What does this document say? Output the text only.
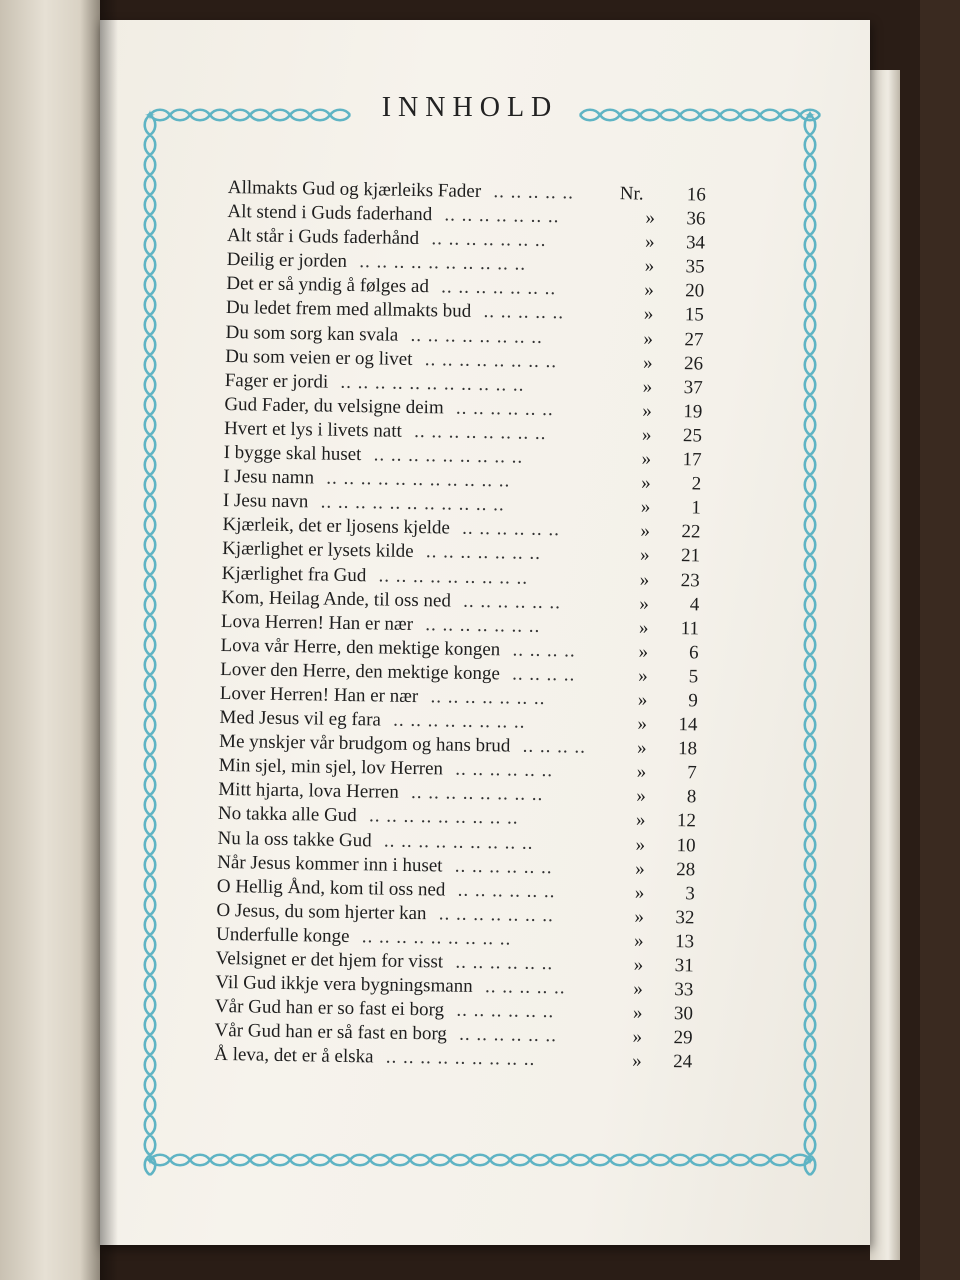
✦	✦
✦	✦
INNHOLD
Allmakts Gud og kjærleiks Fader .. .. .. .. ..	Nr.	16
Alt stend i Guds faderhand .. .. .. .. .. .. ..	»	36
Alt står i Guds faderhånd .. .. .. .. .. .. ..	»	34
Deilig er jorden .. .. .. .. .. .. .. .. .. ..	»	35
Det er så yndig å følges ad .. .. .. .. .. .. ..	»	20
Du ledet frem med allmakts bud .. .. .. .. ..	»	15
Du som sorg kan svala .. .. .. .. .. .. .. ..	»	27
Du som veien er og livet .. .. .. .. .. .. .. ..	»	26
Fager er jordi .. .. .. .. .. .. .. .. .. .. ..	»	37
Gud Fader, du velsigne deim .. .. .. .. .. ..	»	19
Hvert et lys i livets natt .. .. .. .. .. .. .. ..	»	25
I bygge skal huset .. .. .. .. .. .. .. .. ..	»	17
I Jesu namn .. .. .. .. .. .. .. .. .. .. ..	»	2
I Jesu navn .. .. .. .. .. .. .. .. .. .. ..	»	1
Kjærleik, det er ljosens kjelde .. .. .. .. .. ..	»	22
Kjærlighet er lysets kilde .. .. .. .. .. .. ..	»	21
Kjærlighet fra Gud .. .. .. .. .. .. .. .. ..	»	23
Kom, Heilag Ande, til oss ned .. .. .. .. .. ..	»	4
Lova Herren! Han er nær .. .. .. .. .. .. ..	»	11
Lova vår Herre, den mektige kongen .. .. .. ..	»	6
Lover den Herre, den mektige konge .. .. .. ..	»	5
Lover Herren! Han er nær .. .. .. .. .. .. ..	»	9
Med Jesus vil eg fara .. .. .. .. .. .. .. ..	»	14
Me ynskjer vår brudgom og hans brud .. .. .. ..	»	18
Min sjel, min sjel, lov Herren .. .. .. .. .. ..	»	7
Mitt hjarta, lova Herren .. .. .. .. .. .. .. ..	»	8
No takka alle Gud .. .. .. .. .. .. .. .. ..	»	12
Nu la oss takke Gud .. .. .. .. .. .. .. .. ..	»	10
Når Jesus kommer inn i huset .. .. .. .. .. ..	»	28
O Hellig Ånd, kom til oss ned .. .. .. .. .. ..	»	3
O Jesus, du som hjerter kan .. .. .. .. .. .. ..	»	32
Underfulle konge .. .. .. .. .. .. .. .. ..	»	13
Velsignet er det hjem for visst .. .. .. .. .. ..	»	31
Vil Gud ikkje vera bygningsmann .. .. .. .. ..	»	33
Vår Gud han er so fast ei borg .. .. .. .. .. ..	»	30
Vår Gud han er så fast en borg .. .. .. .. .. ..	»	29
Å leva, det er å elska .. .. .. .. .. .. .. .. ..	»	24
